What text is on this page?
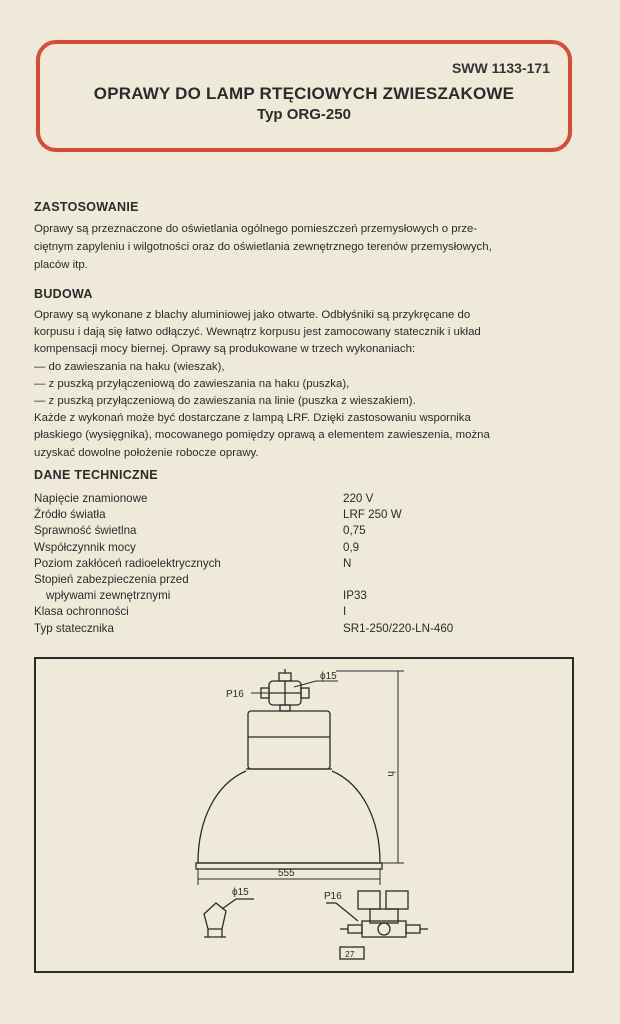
SWW 1133-171
OPRAWY DO LAMP RTĘCIOWYCH ZWIESZAKOWE
Typ ORG-250
ZASTOSOWANIE
Oprawy są przeznaczone do oświetlania ogólnego pomieszczeń przemysłowych o prze-
ciętnym zapyleniu i wilgotności oraz do oświetlania zewnętrznego terenów przemysłowych,
placów itp.
BUDOWA
Oprawy są wykonane z blachy aluminiowej jako otwarte. Odbłyśniki są przykręcane do
korpusu i dają się łatwo odłączyć. Wewnątrz korpusu jest zamocowany statecznik i układ
kompensacji mocy biernej. Oprawy są produkowane w trzech wykonaniach:
— do zawieszania na haku (wieszak),
— z puszką przyłączeniową do zawieszania na haku (puszka),
— z puszką przyłączeniową do zawieszania na linie (puszka z wieszakiem).
Każde z wykonań może być dostarczane z lampą LRF. Dzięki zastosowaniu wspornika
płaskiego (wysięgnika), mocowanego pomiędzy oprawą a elementem zawieszenia, można
uzyskać dowolne położenie robocze oprawy.
DANE TECHNICZNE
Napięcie znamionowe	220 V
Źródło światła	LRF 250 W
Sprawność świetlna	0,75
Współczynnik mocy	0,9
Poziom zakłóceń radioelektrycznych	N
Stopień zabezpieczenia przed
wpływami zewnętrznymi	IP33
Klasa ochronności	I
Typ statecznika	SR1-250/220-LN-460
P16
ϕ15
h
555
ϕ15	P16
27
